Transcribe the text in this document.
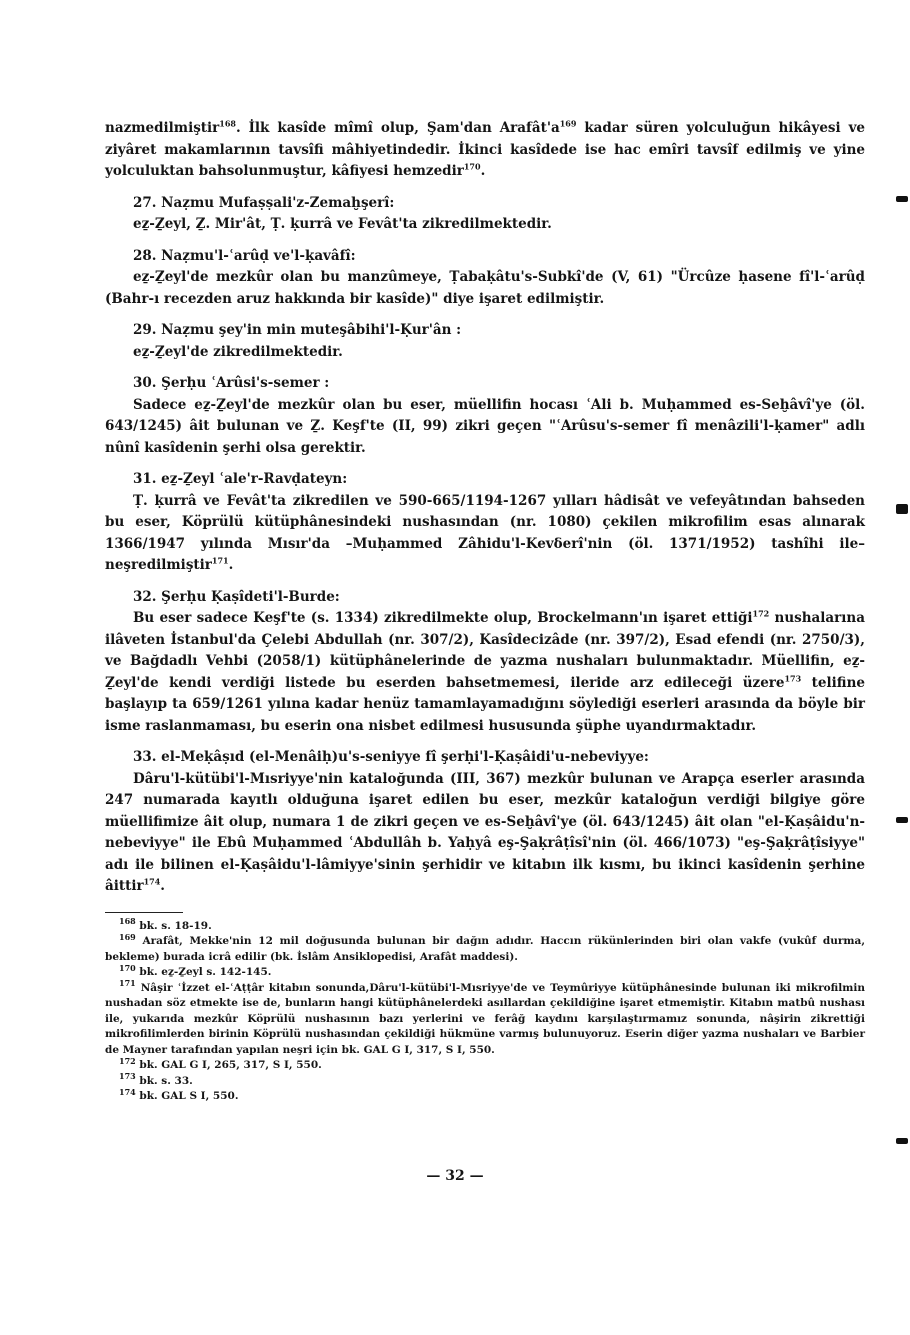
nazmedilmiştir$^{168}$. İlk kasîde mîmî olup, Şam'dan $Arafât'a^{169}$ kadar süren yolculuğun hikâyesi ve ziyâret makamlarının tavsîfi mâhiyetindedir. İkinci kasîdede ise hac emîri tavsîf edilmiş ve yine yolculuktan bahsolunmuştur, kâfiyesi hemzedir$^{170}$.

27. Naẓmu Mufaṣṣali'z-Zemaḫşerî:

eẕ-Ẕeyl, Ẕ. Mir'ât, Ṭ. ḳurrâ ve Fevât'ta zikredilmektedir.

28. Naẓmu'l-ʿarûḍ ve'l-ḳavâfî:

eẕ-Ẕeyl'de mezkûr olan bu manzûmeye, Ṭabaḳâtu's-Subkî'de (V, 61) "Ürcûze ḥasene fî'l-ʿarûḍ (Bahr-ı recezden aruz hakkında bir kasîde)" diye işaret edilmiştir.

29. Naẓmu şey'in min muteşâbihi'l-Ḳur'ân :

eẕ-Ẕeyl'de zikredilmektedir.

30. Şerḥu ʿArûsi's-semer :

Sadece eẕ-Ẕeyl'de mezkûr olan bu eser, müellifin hocası ʿAli b. Muḥammed es-Seḫâvî'ye (öl. 643/1245) âit bulunan ve Ẕ. Keşf'te (II, 99) zikri geçen "ʿArûsu's-semer fî menâzili'l-ḳamer" adlı nûnî kasîdenin şerhi olsa gerektir.

31. eẕ-Ẕeyl ʿale'r-Ravḍateyn:

Ṭ. ḳurrâ ve Fevât'ta zikredilen ve 590-665/1194-1267 yılları hâdisât ve vefeyâtından bahseden bu eser, Köprülü kütüphânesindeki nushasından (nr. 1080) çekilen mikrofilim esas alınarak 1366/1947 yılında Mısır'da –Muḥammed Zâhidu'l-Kevẟerî'nin (öl. 1371/1952) tashîhi ile– neşredilmiştir$^{171}$.

32. Şerḥu Ḳaṣîdeti'l-Burde:

Bu eser sadece Keşf'te (s. 1334) zikredilmekte olup, Brockelmann'ın işaret ettiği$^{172}$ nushalarına ilâveten İstanbul'da Çelebi Abdullah (nr. 307/2), Kasîdecizâde (nr. 397/2), Esad efendi (nr. 2750/3), ve Bağdadlı Vehbi (2058/1) kütüphânelerinde de yazma nushaları bulunmaktadır. Müellifin, eẕ-Ẕeyl'de kendi verdiği listede bu eserden bahsetmemesi, ileride arz edileceği üzere$^{173}$ telifine başlayıp ta 659/1261 yılına kadar henüz tamamlayamadığını söylediği eserleri arasında da böyle bir isme raslanmaması, bu eserin ona nisbet edilmesi hususunda şüphe uyandırmaktadır.

33. el-Meḳâṣıd (el-Menâiḥ)u's-seniyye fî şerḥi'l-Ḳaṣâidi'u-nebeviyye:

Dâru'l-kütübi'l-Mısriyye'nin kataloğunda (III, 367) mezkûr bulunan ve Arapça eserler arasında 247 numarada kayıtlı olduğuna işaret edilen bu eser, mezkûr kataloğun verdiği bilgiye göre müellifimize âit olup, numara 1 de zikri geçen ve es-Seḫâvî'ye (öl. 643/1245) âit olan "el-Ḳaṣâidu'n-nebeviyye" ile Ebû Muḥammed ʿAbdullâh b. Yaḥyâ eş-Şaḳrâṭîsî'nin (öl. 466/1073) "eş-Şaḳrâṭîsiyye" adı ile bilinen el-Ḳaṣâidu'l-lâmiyye'sinin şerhidir ve kitabın ilk kısmı, bu ikinci kasîdenin şerhine âittir$^{174}$.

$^{168}$ bk. s. 18-19.

$^{169}$ Arafât, Mekke'nin 12 mil doğusunda bulunan bir dağın adıdır. Haccın rükünlerinden biri olan vakfe (vukûf durma, bekleme) burada icrâ edilir (bk. İslâm Ansiklopedisi, Arafât maddesi).

$^{170}$ bk. eẕ-Ẕeyl s. 142-145.

$^{171}$ Nâşir ʿİzzet el-ʿAṭṭâr kitabın sonunda,Dâru'l-kütübi'l-Mısriyye'de ve Teymûriyye kütüphânesinde bulunan iki mikrofilmin nushadan söz etmekte ise de, bunların hangi kütüphânelerdeki asıllardan çekildiğine işaret etmemiştir. Kitabın matbû nushası ile, yukarıda mezkûr Köprülü nushasının bazı yerlerini ve ferâğ kaydını karşılaştırmamız sonunda, nâşirin zikrettiği mikrofilimlerden birinin Köprülü nushasından çekildiği hükmüne varmış bulunuyoruz. Eserin diğer yazma nushaları ve Barbier de Mayner tarafından yapılan neşri için bk. GAL G I, 317, S I, 550.

$^{172}$ bk. GAL G I, 265, 317, S I, 550.

$^{173}$ bk. s. 33.

$^{174}$ bk. GAL S I, 550.

— 32 —
